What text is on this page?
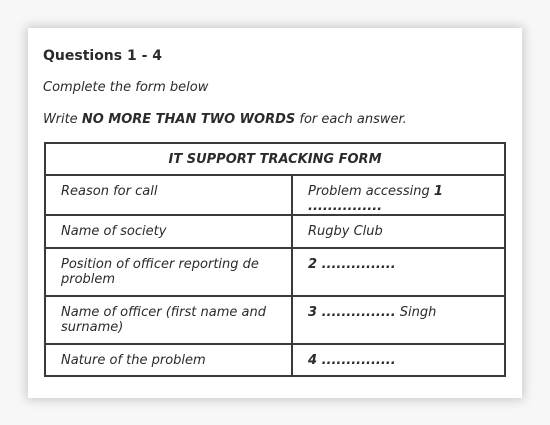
Questions 1 - 4

Complete the form below

Write NO MORE THAN TWO WORDS for each answer.

IT SUPPORT TRACKING FORM	
Reason for call	Problem accessing 1 ...............
Name of society	Rugby Club
Position of officer reporting de problem	2 ...............
Name of officer (first name and surname)	3 ............... Singh
Nature of the problem	4 ...............
